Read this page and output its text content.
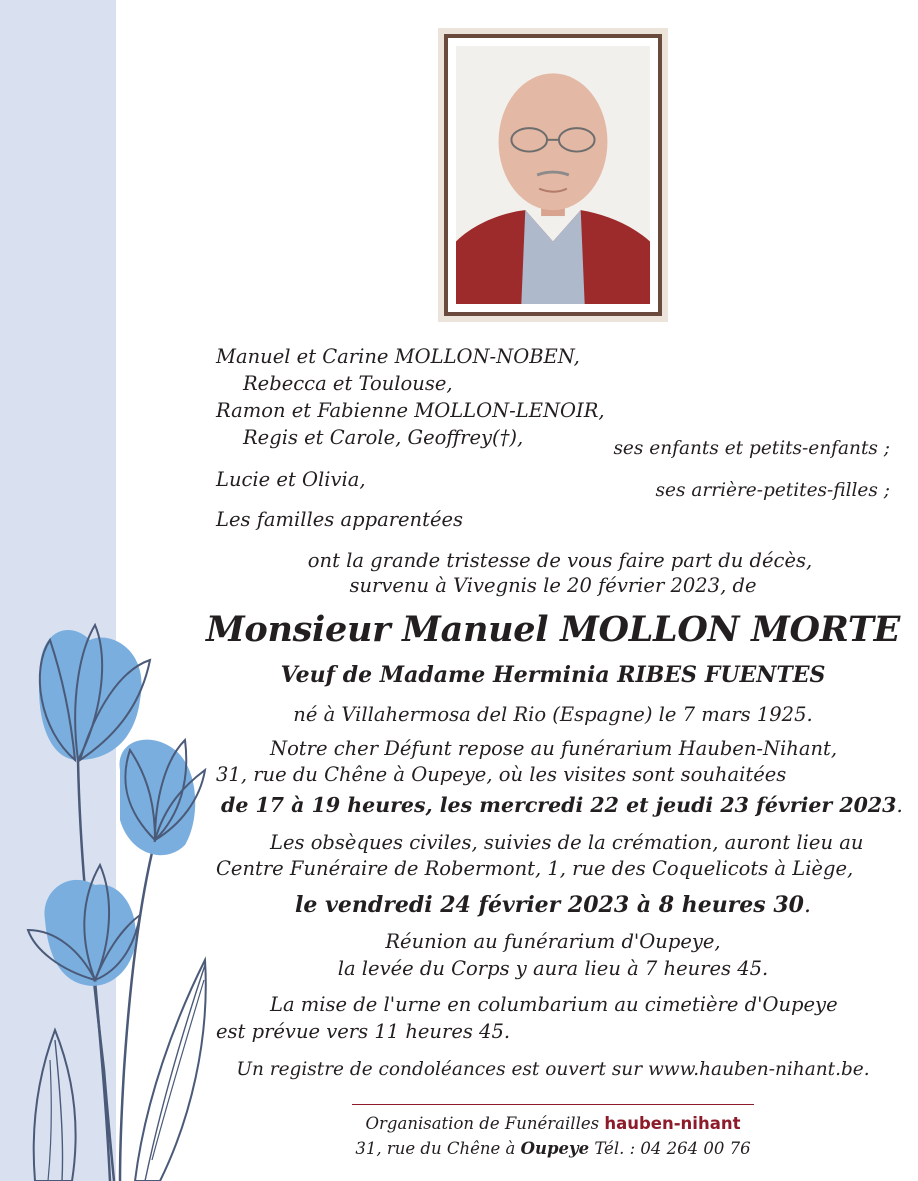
Manuel et Carine MOLLON-NOBEN,
Rebecca et Toulouse,
Ramon et Fabienne MOLLON-LENOIR,
Regis et Carole, Geoffrey(†),	ses enfants et petits-enfants ;
Lucie et Olivia,	ses arrière-petites-filles ;
Les familles apparentées
ont la grande tristesse de vous faire part du décès,
survenu à Vivegnis le 20 février 2023, de
Monsieur Manuel MOLLON MORTE
Veuf de Madame Herminia RIBES FUENTES
né à Villahermosa del Rio (Espagne) le 7 mars 1925.
Notre cher Défunt repose au funérarium Hauben-Nihant,
31, rue du Chêne à Oupeye, où les visites sont souhaitées
de 17 à 19 heures, les mercredi 22 et jeudi 23 février 2023.
Les obsèques civiles, suivies de la crémation, auront lieu au
Centre Funéraire de Robermont, 1, rue des Coquelicots à Liège,
le vendredi 24 février 2023 à 8 heures 30.
Réunion au funérarium d'Oupeye,
la levée du Corps y aura lieu à 7 heures 45.
La mise de l'urne en columbarium au cimetière d'Oupeye
est prévue vers 11 heures 45.
Un registre de condoléances est ouvert sur www.hauben-nihant.be.
Organisation de Funérailles hauben-nihant
31, rue du Chêne à Oupeye Tél. : 04 264 00 76
